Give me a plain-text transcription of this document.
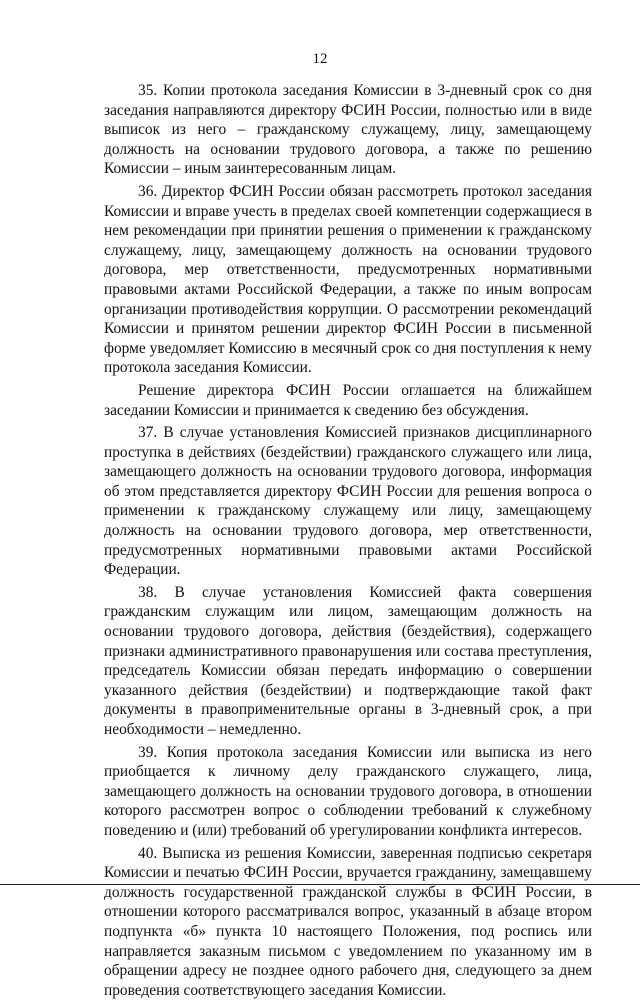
12

35. Копии протокола заседания Комиссии в 3-дневный срок со дня заседания направляются директору ФСИН России, полностью или в виде выписок из него – гражданскому служащему, лицу, замещающему должность на основании трудового договора, а также по решению Комиссии – иным заинтересованным лицам.

36. Директор ФСИН России обязан рассмотреть протокол заседания Комиссии и вправе учесть в пределах своей компетенции содержащиеся в нем рекомендации при принятии решения о применении к гражданскому служащему, лицу, замещающему должность на основании трудового договора, мер ответственности, предусмотренных нормативными правовыми актами Российской Федерации, а также по иным вопросам организации противодействия коррупции. О рассмотрении рекомендаций Комиссии и принятом решении директор ФСИН России в письменной форме уведомляет Комиссию в месячный срок со дня поступления к нему протокола заседания Комиссии.

Решение директора ФСИН России оглашается на ближайшем заседании Комиссии и принимается к сведению без обсуждения.

37. В случае установления Комиссией признаков дисциплинарного проступка в действиях (бездействии) гражданского служащего или лица, замещающего должность на основании трудового договора, информация об этом представляется директору ФСИН России для решения вопроса о применении к гражданскому служащему или лицу, замещающему должность на основании трудового договора, мер ответственности, предусмотренных нормативными правовыми актами Российской Федерации.

38. В случае установления Комиссией факта совершения гражданским служащим или лицом, замещающим должность на основании трудового договора, действия (бездействия), содержащего признаки административного правонарушения или состава преступления, председатель Комиссии обязан передать информацию о совершении указанного действия (бездействии) и подтверждающие такой факт документы в правоприменительные органы в 3-дневный срок, а при необходимости – немедленно.

39. Копия протокола заседания Комиссии или выписка из него приобщается к личному делу гражданского служащего, лица, замещающего должность на основании трудового договора, в отношении которого рассмотрен вопрос о соблюдении требований к служебному поведению и (или) требований об урегулировании конфликта интересов.

40. Выписка из решения Комиссии, заверенная подписью секретаря Комиссии и печатью ФСИН России, вручается гражданину, замещавшему должность государственной гражданской службы в ФСИН России, в отношении которого рассматривался вопрос, указанный в абзаце втором подпункта «б» пункта 10 настоящего Положения, под роспись или направляется заказным письмом с уведомлением по указанному им в обращении адресу не позднее одного рабочего дня, следующего за днем проведения соответствующего заседания Комиссии.
